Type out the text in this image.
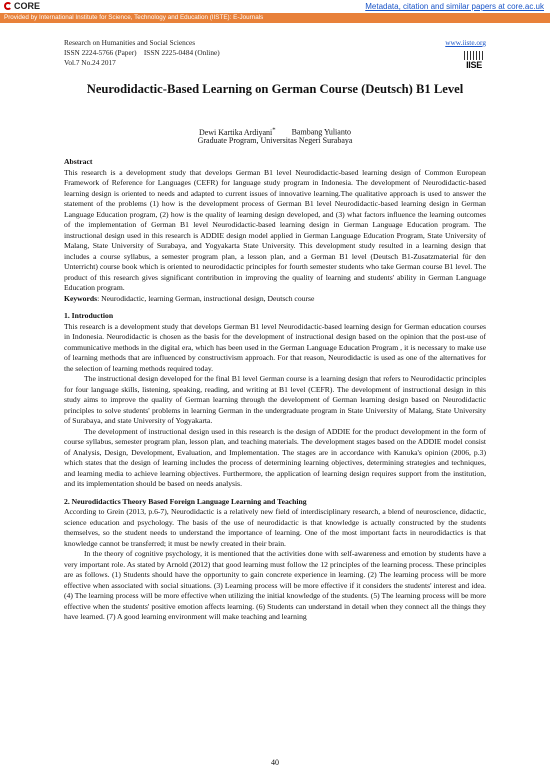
CORE	Metadata, citation and similar papers at core.ac.uk
Provided by International Institute for Science, Technology and Education (IISTE): E-Journals
Research on Humanities and Social Sciences
ISSN 2224-5766 (Paper)    ISSN 2225-0484 (Online)
Vol.7 No.24 2017
www.iiste.org
IISE
Neurodidactic-Based Learning on German Course (Deutsch) B1 Level
Dewi Kartika Ardiyani* Bambang Yulianto
Graduate Program, Universitas Negeri Surabaya

Abstract

This research is a development study that develops German B1 level Neurodidactic-based learning design of Common European Framework of Reference for Languages (CEFR) for language study program in Indonesia. The development of Neurodidactic-based learning design is oriented to needs and adapted to current issues of innovative learning.The qualitative approach is used to answer the statement of the problems (1) how is the development process of German B1 level Neurodidactic-based learning design in German Language Education program, (2) how is the quality of learning design developed, and (3) what factors influence the learning outcomes of the implementation of German B1 level Neurodidactic-based learning design in German Language Education program. The instructional design used in this research is ADDIE design model applied in German Language Education Program, State University of Malang, State University of Surabaya, and Yogyakarta State University. This development study resulted in a learning design that includes a course syllabus, a semester program plan, a lesson plan, and a German B1 level (Deutsch B1-Zusatzmaterial für den Unterricht) course book which is oriented to neurodidactic principles for fourth semester students who take German course B1 level. The product of this research gives significant contribution in improving the quality of learning and students' ability in German Language Education program.

Keywords: Neurodidactic, learning German, instructional design, Deutsch course

1. Introduction

This research is a development study that develops German B1 level Neurodidactic-based learning design for German education courses in Indonesia. Neurodidactic is chosen as the basis for the development of instructional design based on the opinion that the post-use of communicative methods in the digital era, which has been used in the German Language Education Program , it is necessary to make use of learning methods that are influenced by constructivism approach. For that reason, Neurodidactic is used as one of the alternatives for the selection of learning methods required today.

The instructional design developed for the final B1 level German course is a learning design that refers to Neurodidactic principles for four language skills, listening, speaking, reading, and writing at B1 level (CEFR). The development of instructional design in this study aims to improve the quality of German learning through the development of German learning design based on Neurodidactic principles to solve students' problems in learning German in the undergraduate program in State University of Malang, State University of Surabaya, and state University of Yogyakarta.

The development of instructional design used in this research is the design of ADDIE for the product development in the form of course syllabus, semester program plan, lesson plan, and teaching materials. The development stages based on the ADDIE model consist of Analysis, Design, Development, Evaluation, and Implementation. The stages are in accordance with Kanuka's opinion (2006, p.3) which states that the design of learning includes the process of determining learning objectives, determining strategies and techniques, and learning media to achieve learning objectives. Furthermore, the application of learning design requires support from the institution, and its implementation should be based on needs analysis.

2. Neurodidactics Theory Based Foreign Language Learning and Teaching

According to Grein (2013, p.6-7), Neurodidactic is a relatively new field of interdisciplinary research, a blend of neuroscience, didactic, science education and psychology. The basis of the use of neurodidactic is that knowledge is actually constructed by the students themselves, so the student needs to understand the importance of learning. One of the most important facts in neurodidactics is that knowledge cannot be transferred; it must be newly created in their brain.

In the theory of cognitive psychology, it is mentioned that the activities done with self-awareness and emotion by students have a very important role. As stated by Arnold (2012) that good learning must follow the 12 principles of the learning process. These principles are as follows. (1) Students should have the opportunity to gain concrete experience in learning. (2) The learning process will be more effective when associated with social situations. (3) Learning process will be more effective if it considers the students' interest and idea. (4) The learning process will be more effective when utilizing the initial knowledge of the students. (5) The learning process will be more effective when the students' positive emotion affects learning. (6) Students can understand in detail when they connect all the things they have learned. (7) A good learning environment will make teaching and learning

40
